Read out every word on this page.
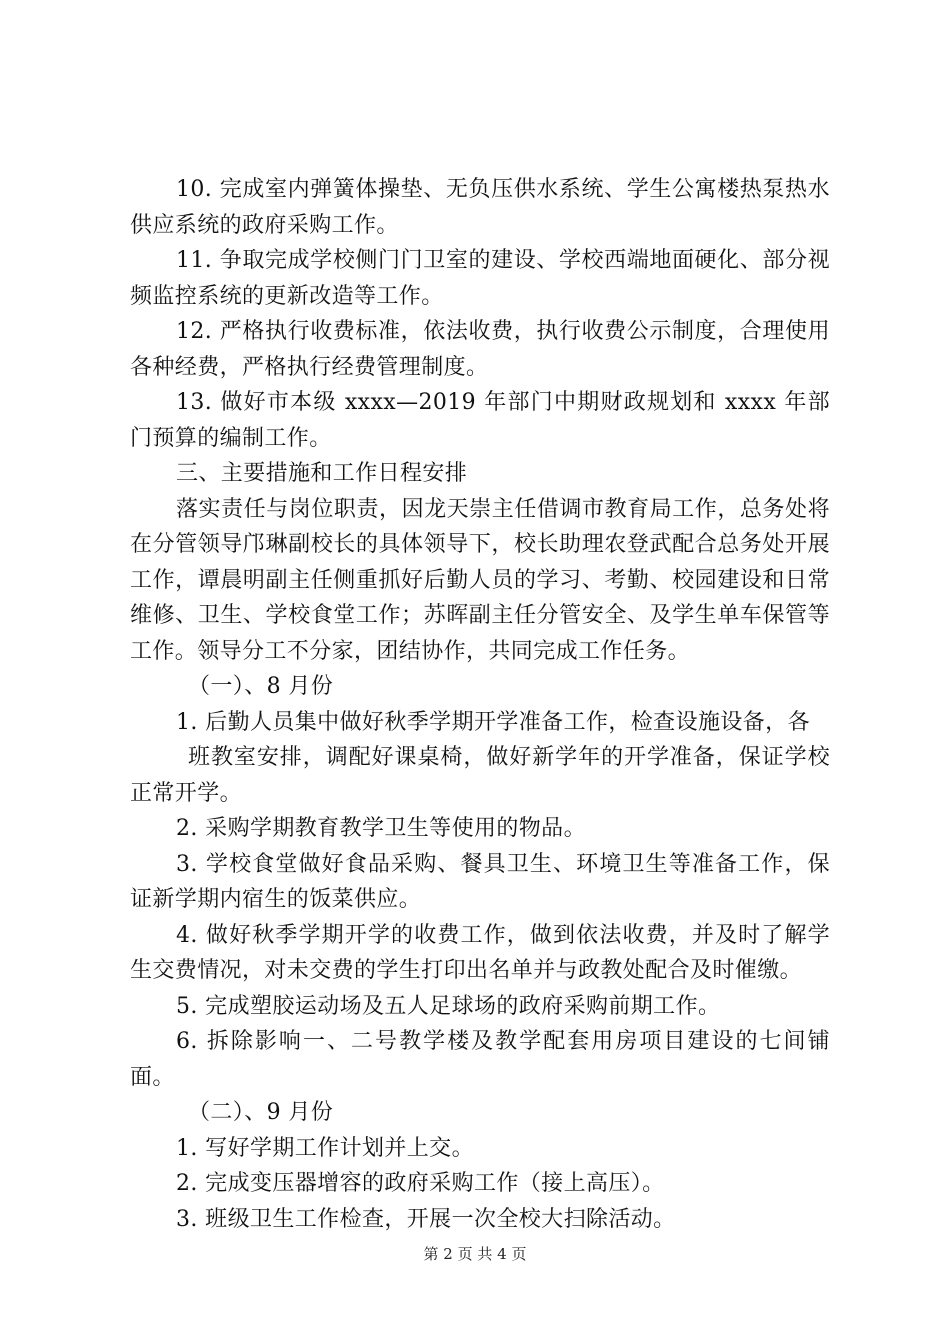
10. 完成室内弹簧体操垫、无负压供水系统、学生公寓楼热泵热水供应系统的政府采购工作。

11. 争取完成学校侧门门卫室的建设、学校西端地面硬化、部分视频监控系统的更新改造等工作。

12. 严格执行收费标准，依法收费，执行收费公示制度，合理使用各种经费，严格执行经费管理制度。

13. 做好市本级 xxxx—2019 年部门中期财政规划和 xxxx 年部门预算的编制工作。

三、主要措施和工作日程安排

落实责任与岗位职责，因龙天崇主任借调市教育局工作，总务处将在分管领导邝琳副校长的具体领导下，校长助理农登武配合总务处开展工作，谭晨明副主任侧重抓好后勤人员的学习、考勤、校园建设和日常维修、卫生、学校食堂工作；苏晖副主任分管安全、及学生单车保管等工作。领导分工不分家，团结协作，共同完成工作任务。

（一）、8 月份

1. 后勤人员集中做好秋季学期开学准备工作，检查设施设备，各

班教室安排，调配好课桌椅，做好新学年的开学准备，保证学校正常开学。

2. 采购学期教育教学卫生等使用的物品。

3. 学校食堂做好食品采购、餐具卫生、环境卫生等准备工作，保证新学期内宿生的饭菜供应。

4. 做好秋季学期开学的收费工作，做到依法收费，并及时了解学生交费情况，对未交费的学生打印出名单并与政教处配合及时催缴。

5. 完成塑胶运动场及五人足球场的政府采购前期工作。

6. 拆除影响一、二号教学楼及教学配套用房项目建设的七间铺面。

（二）、9 月份

1. 写好学期工作计划并上交。

2. 完成变压器增容的政府采购工作（接上高压）。

3. 班级卫生工作检查，开展一次全校大扫除活动。

第 2 页 共 4 页
